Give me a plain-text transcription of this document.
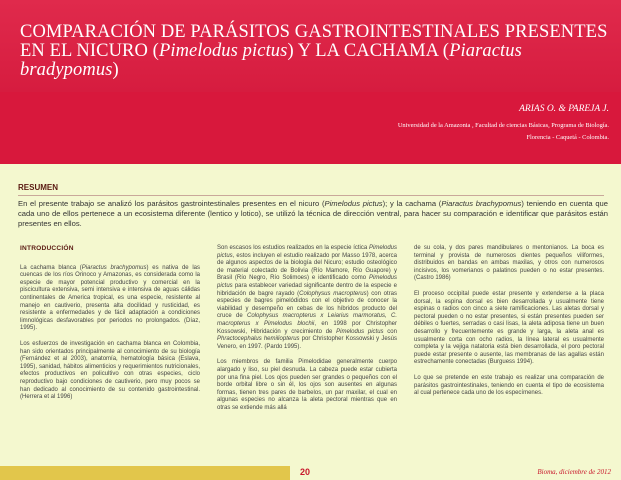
COMPARACIÓN DE PARÁSITOS GASTROINTESTINALES PRESENTES EN EL NICURO (Pimelodus pictus) Y LA CACHAMA (Piaractus bradypomus)
ARIAS O. & PAREJA J.
Universidad de la Amazonia , Facultad de ciencias Básicas, Programa de Biología.
Florencia - Caquetá - Colombia.
RESUMEN
En el presente trabajo se analizó los parásitos gastrointestinales presentes en el nicuro (Pimelodus pictus); y la cachama (Piaractus brachypomus) teniendo en cuenta que cada uno de ellos pertenece a un ecosistema diferente (lentico y lotico), se utilizó la técnica de dirección ventral, para hacer su comparación e identificar que parásitos están presentes en ellos.
INTRODUCCIÓN

La cachama blanca (Piaractus brachypomus) es nativa de las cuencas de los ríos Orinoco y Amazonas, es considerada como la especie de mayor potencial productivo y comercial en la piscicultura extensiva, semi intensiva e intensiva de aguas cálidas continentales de America tropical, es una especie, resistente al manejo en cautiverio, presenta alta docilidad y rusticidad, es resistente a enfermedades y de fácil adaptación a condiciones limnológicas desfavorables por periodos no prolongados. (Díaz, 1995).

Los esfuerzos de investigación en cachama blanca en Colombia, han sido orientados principalmente al conocimiento de su biología (Fernández et al 2003), anatomía, hematología básica (Eslava, 1995), sanidad, hábitos alimenticios y requerimientos nutricionales, efectos productivos en policultivo con otras especies, ciclo reproductivo bajo condiciones de cautiverio, pero muy pocos se han dedicado al conocimiento de su contenido gastrointestinal. (Herrera et al 1996)

Son escasos los estudios realizados en la especie íctica Pimelodus pictus, estos incluyen el estudio realizado por Masso 1978, acerca de algunos aspectos de la biología del Nicuro; estudio osteológico de material colectado de Bolivia (Río Mamore, Río Guapore) y Brasil (Río Negro, Río Solimoes) e identificado como Pimelodus pictus para establecer variedad significante dentro de la especie e hibridación de bagre rayado (Colophysus macropterus) con otras especies de bagres pimelódidos con el objetivo de conocer la viabilidad y desempeño en cebas de los híbridos producto del cruce de Colophysus macropterus x Leiarius marmoratus, C. macropterus x Pimelodus blochii, en 1998 por Christopher Kossowski, Hibridación y crecimiento de Pimelodus pictus con Phractocephalus hemiliopterus por Christopher Kossowski y Jesús Venero, en 1997. (Pardo 1995).

Los miembros de familia Pimelodidae generalmente cuerpo alargado y liso, su piel desnuda. La cabeza puede estar cubierta por una fina piel. Los ojos pueden ser grandes o pequeños con el borde orbital libre o sin él, los ojos son ausentes en algunas formas, tienen tres pares de barbelos, un par maxilar, el cual en algunas especies no alcanza la aleta pectoral mientras que en otras se extiende más allá

de su cola, y dos pares mandibulares o mentonianos. La boca es terminal y provista de numerosos dientes pequeños viliformes, distribuidos en bandas en ambas maxilas, y otros con numerosos incisivos, los vomerianos o palatinos pueden o no estar presentes. (Castro 1986)

El proceso occipital puede estar presente y extenderse a la placa dorsal, la espina dorsal es bien desarrollada y usualmente tiene espinas o radios con cinco a siete ramificaciones. Las aletas dorsal y pectoral pueden o no estar presentes, si están presentes pueden ser débiles o fuertes, serradas o casi lisas, la aleta adiposa tiene un buen desarrollo y frecuentemente es grande y larga, la aleta anal es usualmente corta con ocho radios, la línea lateral es usualmente completa y la vejiga natatoria está bien desarrollada, el poro pectoral puede estar presente o ausente, las membranas de las agallas están estrechamente conectadas (Burguess 1994).

Lo que se pretende en este trabajo es realizar una comparación de parásitos gastrointestinales, teniendo en cuenta el tipo de ecosistema al cual pertenece cada uno de los especímenes.

20	Bioma, diciembre de 2012
